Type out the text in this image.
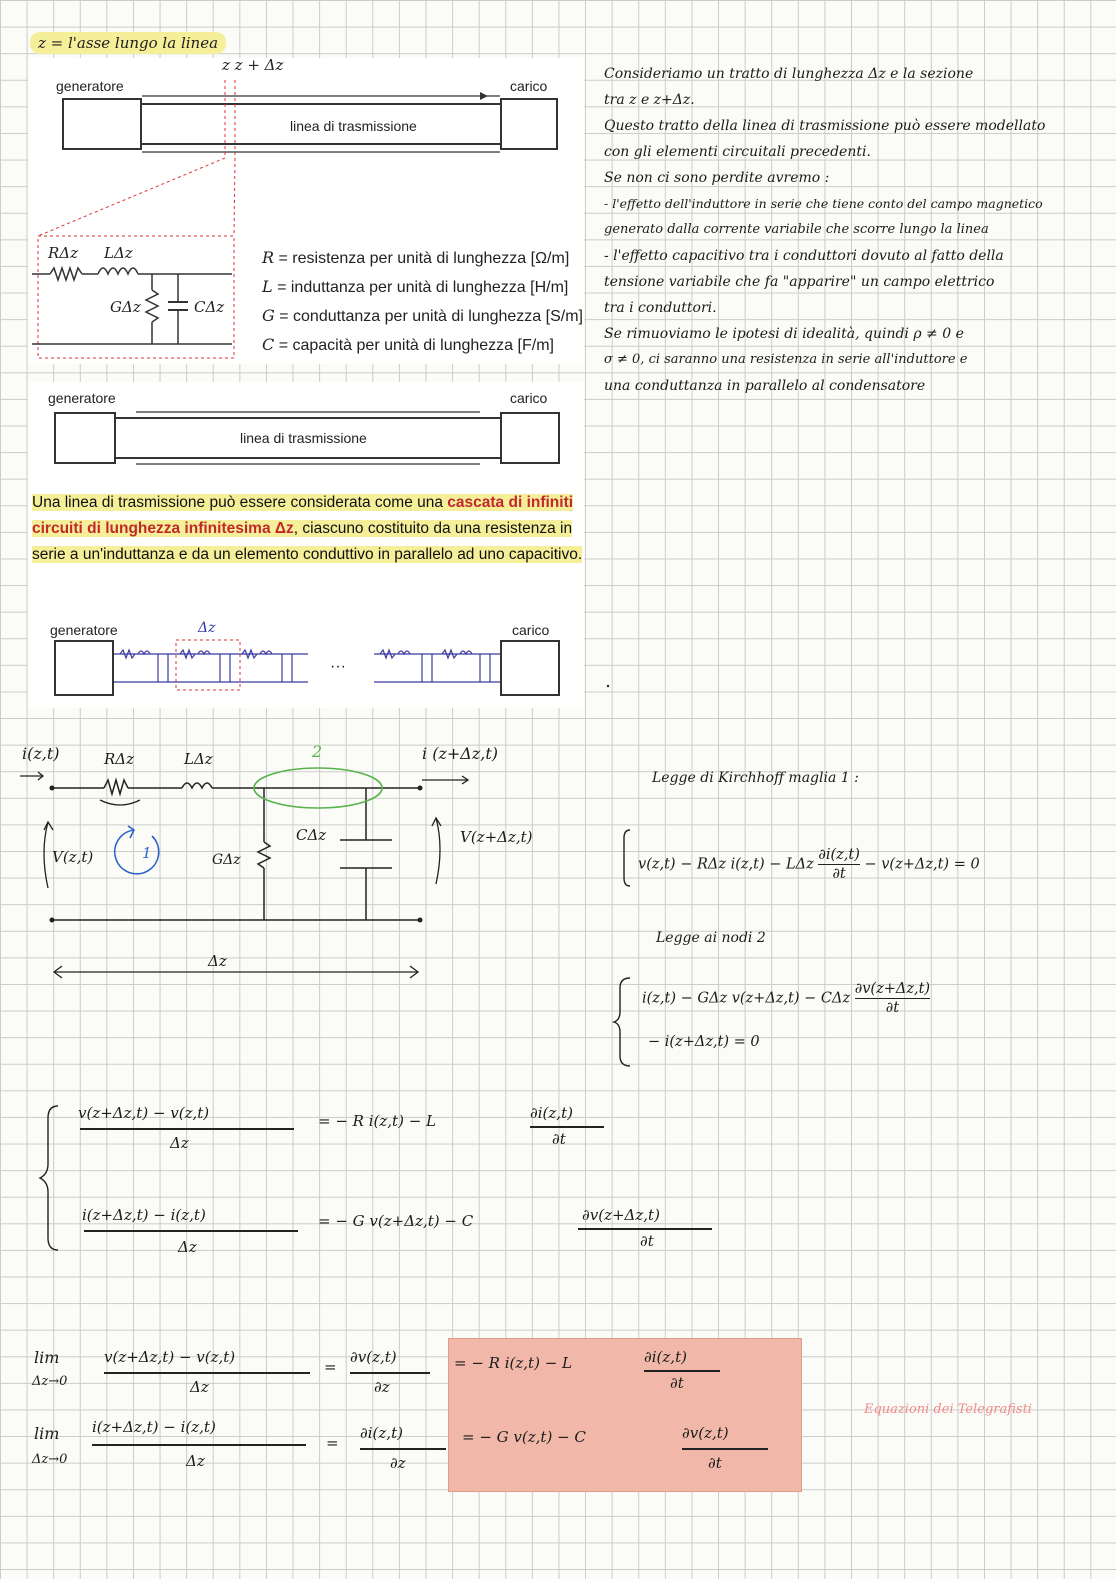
z = l'asse lungo la linea
z z + Δz
generatore	carico
linea di trasmissione
RΔz LΔz
GΔz	CΔz
R = resistenza per unità di lunghezza [Ω/m]
L = induttanza per unità di lunghezza [H/m]
G = conduttanza per unità di lunghezza [S/m]
C = capacità per unità di lunghezza [F/m]
generatore	carico
linea di trasmissione
generatore	carico
Δz
···
Una linea di trasmissione può essere considerata come una cascata di infiniti circuiti di lunghezza infinitesima Δz, ciascuno costituito da una resistenza in serie a un'induttanza e da un elemento conduttivo in parallelo ad uno capacitivo.
Consideriamo un tratto di lunghezza Δz e la sezione
tra z e z+Δz.
Questo tratto della linea di trasmissione può essere modellato
con gli elementi circuitali precedenti.
Se non ci sono perdite avremo :
- l'effetto dell'induttore in serie che tiene conto del campo magnetico
generato dalla corrente variabile che scorre lungo la linea
- l'effetto capacitivo tra i conduttori dovuto al fatto della
tensione variabile che fa "apparire" un campo elettrico
tra i conduttori.
Se rimuoviamo le ipotesi di idealità, quindi ρ ≠ 0 e
σ ≠ 0, ci saranno una resistenza in serie all'induttore e
una conduttanza in parallelo al condensatore
i(z,t)	RΔz	LΔz	2	i (z+Δz,t)
V(z,t)	1	GΔz
CΔz	V(z+Δz,t)
Δz
Legge di Kirchhoff maglia 1 :
v(z,t) − RΔz i(z,t) − LΔz $\frac{\partial i(z,t)}{\partial t} - v(z+\Delta z,t) = 0$
Legge ai nodi 2
i(z,t) − GΔz v(z+Δz,t) − CΔz $\frac{\partial v(z+\Delta z,t)}{\partial t}$
− i(z+Δz,t) = 0
v(z+Δz,t) − v(z,t)
Δz
= − R i(z,t) − L	∂i(z,t)
∂t
i(z+Δz,t) − i(z,t)
Δz
= − G v(z+Δz,t) − C	∂v(z+Δz,t)
∂t
lim
Δz→0
v(z+Δz,t) − v(z,t)
Δz
=
∂v(z,t)
∂z
= − R i(z,t) − L	∂i(z,t)
∂t
lim
Δz→0
i(z+Δz,t) − i(z,t)
Δz
=
∂i(z,t)
∂z
= − G v(z,t) − C	∂v(z,t)
∂t
Equazioni dei Telegrafisti
